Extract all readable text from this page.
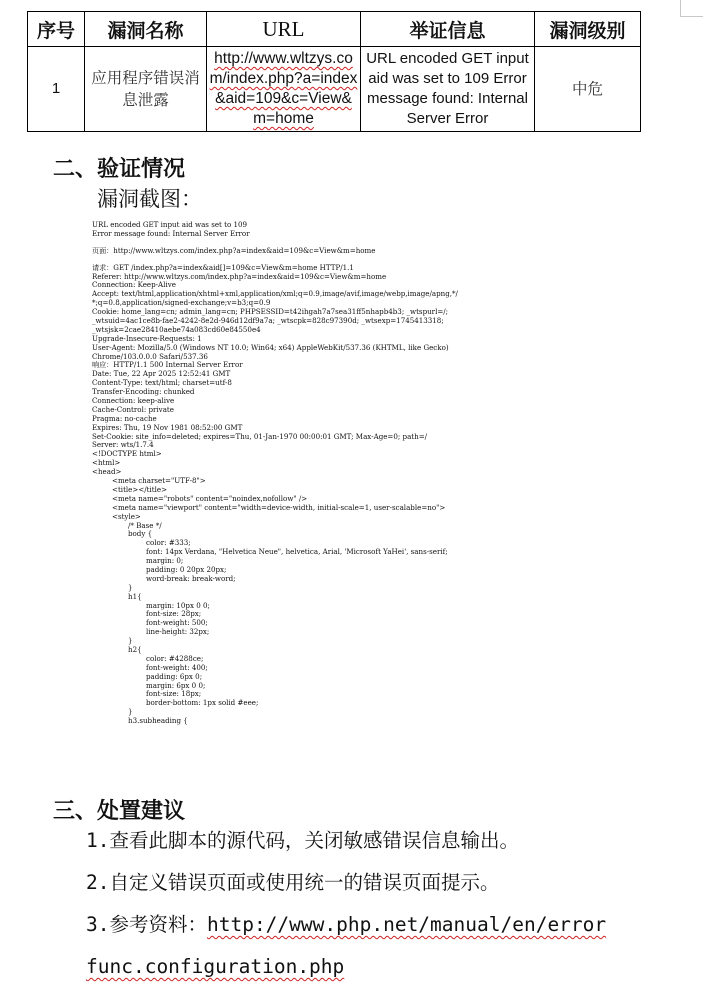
序号	漏洞名称	URL	举证信息	漏洞级别
1	应用程序错误消息泄露	http://www.wltzys.com/index.php?a=index&aid=109&c=View&m=home	URL encoded GET input aid was set to 109 Error message found: Internal Server Error	中危
二、验证情况
漏洞截图：
URL encoded GET input aid was set to 109
Error message found: Internal Server Error
页面：http://www.wltzys.com/index.php?a=index&aid=109&c=View&m=home
请求：GET /index.php?a=index&aid[]=109&c=View&m=home HTTP/1.1
Referer: http://www.wltzys.com/index.php?a=index&aid=109&c=View&m=home
Connection: Keep-Alive
Accept: text/html,application/xhtml+xml,application/xml;q=0.9,image/avif,image/webp,image/apng,*/
*;q=0.8,application/signed-exchange;v=b3;q=0.9
Cookie: home_lang=cn; admin_lang=cn; PHPSESSID=t42ihgah7a7sea31ff5nhapb4b3; _wtspurl=/;
_wtsuid=4ac1ce8b-fae2-4242-8e2d-946d12df9a7a; _wtscpk=828c97390d; _wtsexp=1745413318;
_wtsjsk=2cae28410aebe74a083cd60e84550e4
Upgrade-Insecure-Requests: 1
User-Agent: Mozilla/5.0 (Windows NT 10.0; Win64; x64) AppleWebKit/537.36 (KHTML, like Gecko)
Chrome/103.0.0.0 Safari/537.36
响应：HTTP/1.1 500 Internal Server Error
Date: Tue, 22 Apr 2025 12:52:41 GMT
Content-Type: text/html; charset=utf-8
Transfer-Encoding: chunked
Connection: keep-alive
Cache-Control: private
Pragma: no-cache
Expires: Thu, 19 Nov 1981 08:52:00 GMT
Set-Cookie: site_info=deleted; expires=Thu, 01-Jan-1970 00:00:01 GMT; Max-Age=0; path=/
Server: wts/1.7.4
<!DOCTYPE html>
<html>
<head>
<meta charset="UTF-8">
<title></title>
<meta name="robots" content="noindex,nofollow" />
<meta name="viewport" content="width=device-width, initial-scale=1, user-scalable=no">
<style>
/* Base */
body {
color: #333;
font: 14px Verdana, "Helvetica Neue", helvetica, Arial, 'Microsoft YaHei', sans-serif;
margin: 0;
padding: 0 20px 20px;
word-break: break-word;
}
h1{
margin: 10px 0 0;
font-size: 28px;
font-weight: 500;
line-height: 32px;
}
h2{
color: #4288ce;
font-weight: 400;
padding: 6px 0;
margin: 6px 0 0;
font-size: 18px;
border-bottom: 1px solid #eee;
}
h3.subheading {
三、处置建议

1.查看此脚本的源代码，关闭敏感错误信息输出。

2.自定义错误页面或使用统一的错误页面提示。

3.参考资料：http://www.php.net/manual/en/error

func.configuration.php
